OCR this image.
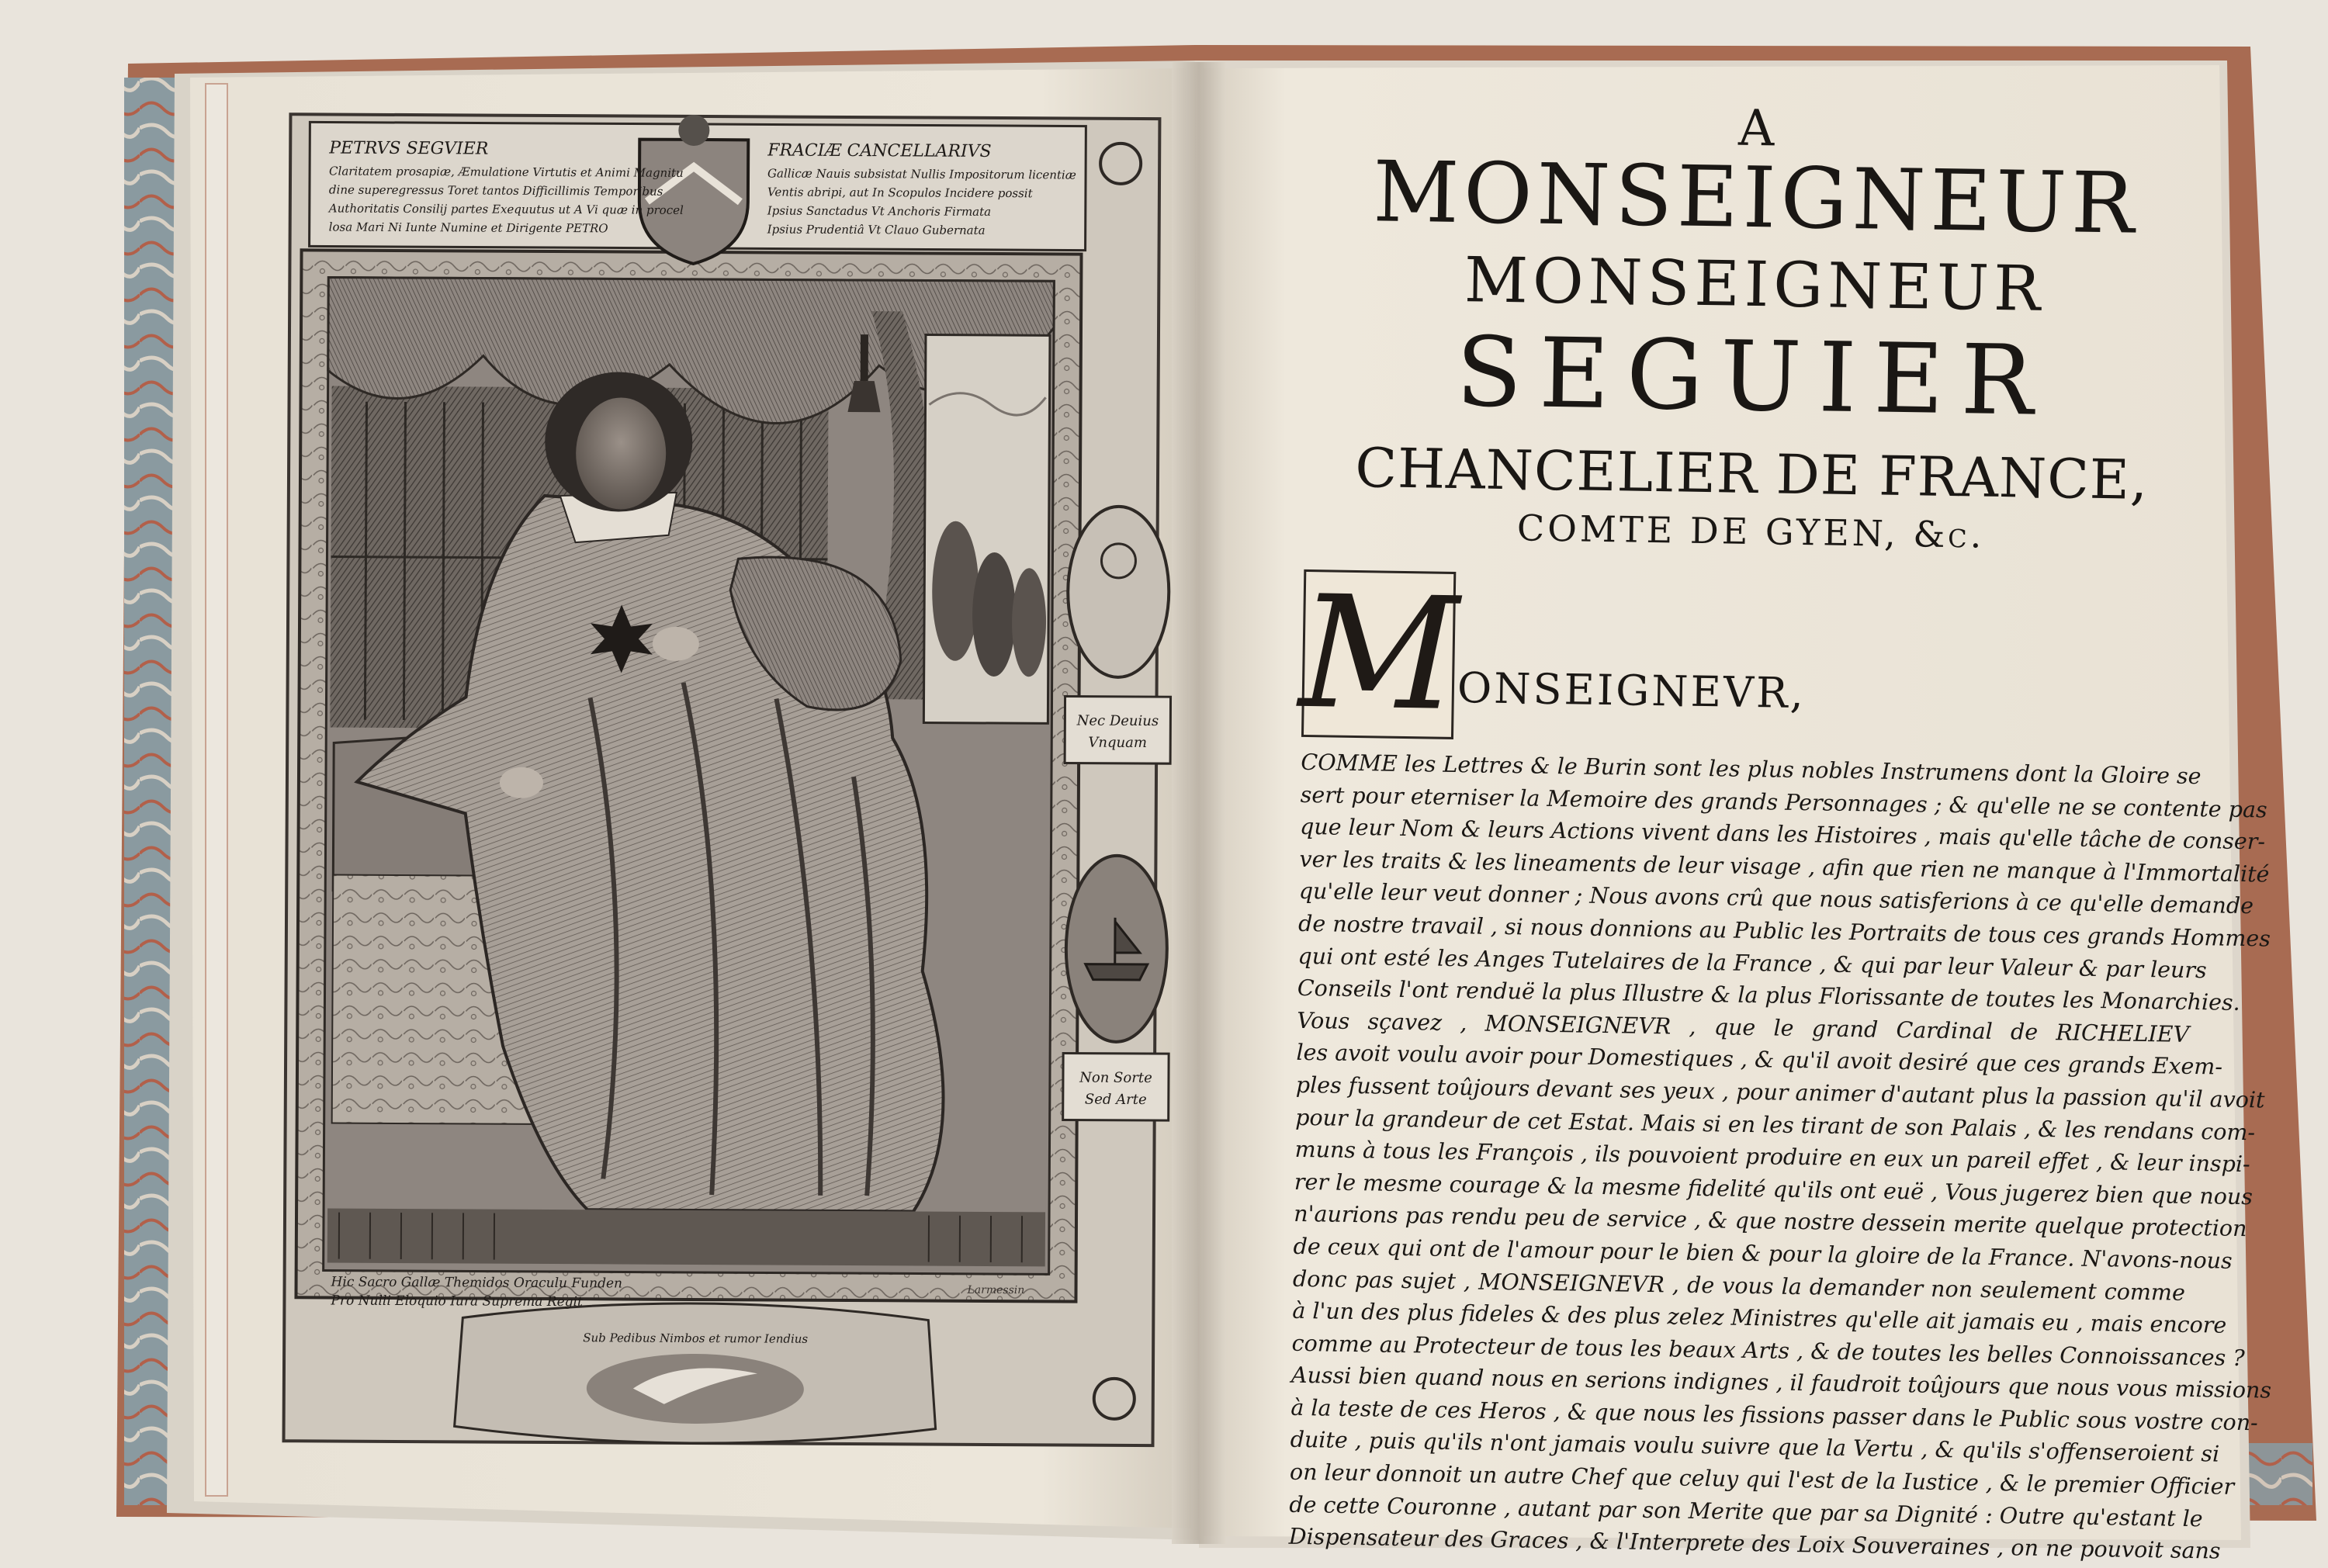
PETRVS SEGVIER
Claritatem prosapiæ, Æmulatione Virtutis et Animi Magnitu
dine superegressus Toret tantos Difficillimis Temporibus
Authoritatis Consilij partes Exequutus ut A Vi quæ in procel
losa Mari Ni Iunte Numine et Dirigente PETRO
FRACIÆ CANCELLARIVS
Gallicæ Nauis subsistat Nullis Impositorum licentiæ
Ventis abripi, aut In Scopulos Incidere possit
Ipsius Sanctadus Vt Anchoris Firmata
Ipsius Prudentiâ Vt Clauo Gubernata
Nec Deuius
Vnquam
Non Sorte
Sed Arte
Hic Sacro Gallæ Themidos Oraculu Funden
Pro Nulli Eloquio Iura Suprema Regit
Sub Pedibus Nimbos et rumor Iendius
Larmessin
A
MONSEIGNEUR
MONSEIGNEUR
SEGUIER
CHANCELIER DE FRANCE,
COMTE DE GYEN, &c.
M
ONSEIGNEVR,
COMME les Lettres & le Burin sont les plus nobles Instrumens dont la Gloire se
sert pour eterniser la Memoire des grands Personnages ; & qu'elle ne se contente pas
que leur Nom & leurs Actions vivent dans les Histoires , mais qu'elle tâche de conser-
ver les traits & les lineaments de leur visage , afin que rien ne manque à l'Immortalité
qu'elle leur veut donner ; Nous avons crû que nous satisferions à ce qu'elle demande
de nostre travail , si nous donnions au Public les Portraits de tous ces grands Hommes
qui ont esté les Anges Tutelaires de la France , & qui par leur Valeur & par leurs
Conseils l'ont renduë la plus Illustre & la plus Florissante de toutes les Monarchies.
Vous sçavez , MONSEIGNEVR , que le grand Cardinal de RICHELIEV
les avoit voulu avoir pour Domestiques , & qu'il avoit desiré que ces grands Exem-
ples fussent toûjours devant ses yeux , pour animer d'autant plus la passion qu'il avoit
pour la grandeur de cet Estat. Mais si en les tirant de son Palais , & les rendans com-
muns à tous les François , ils pouvoient produire en eux un pareil effet , & leur inspi-
rer le mesme courage & la mesme fidelité qu'ils ont euë , Vous jugerez bien que nous
n'aurions pas rendu peu de service , & que nostre dessein merite quelque protection
de ceux qui ont de l'amour pour le bien & pour la gloire de la France. N'avons-nous
donc pas sujet , MONSEIGNEVR , de vous la demander non seulement comme
à l'un des plus fideles & des plus zelez Ministres qu'elle ait jamais eu , mais encore
comme au Protecteur de tous les beaux Arts , & de toutes les belles Connoissances ?
Aussi bien quand nous en serions indignes , il faudroit toûjours que nous vous missions
à la teste de ces Heros , & que nous les fissions passer dans le Public sous vostre con-
duite , puis qu'ils n'ont jamais voulu suivre que la Vertu , & qu'ils s'offenseroient si
on leur donnoit un autre Chef que celuy qui l'est de la Iustice , & le premier Officier
de cette Couronne , autant par son Merite que par sa Dignité : Outre qu'estant le
Dispensateur des Graces , & l'Interprete des Loix Souveraines , on ne pouvoit sans
